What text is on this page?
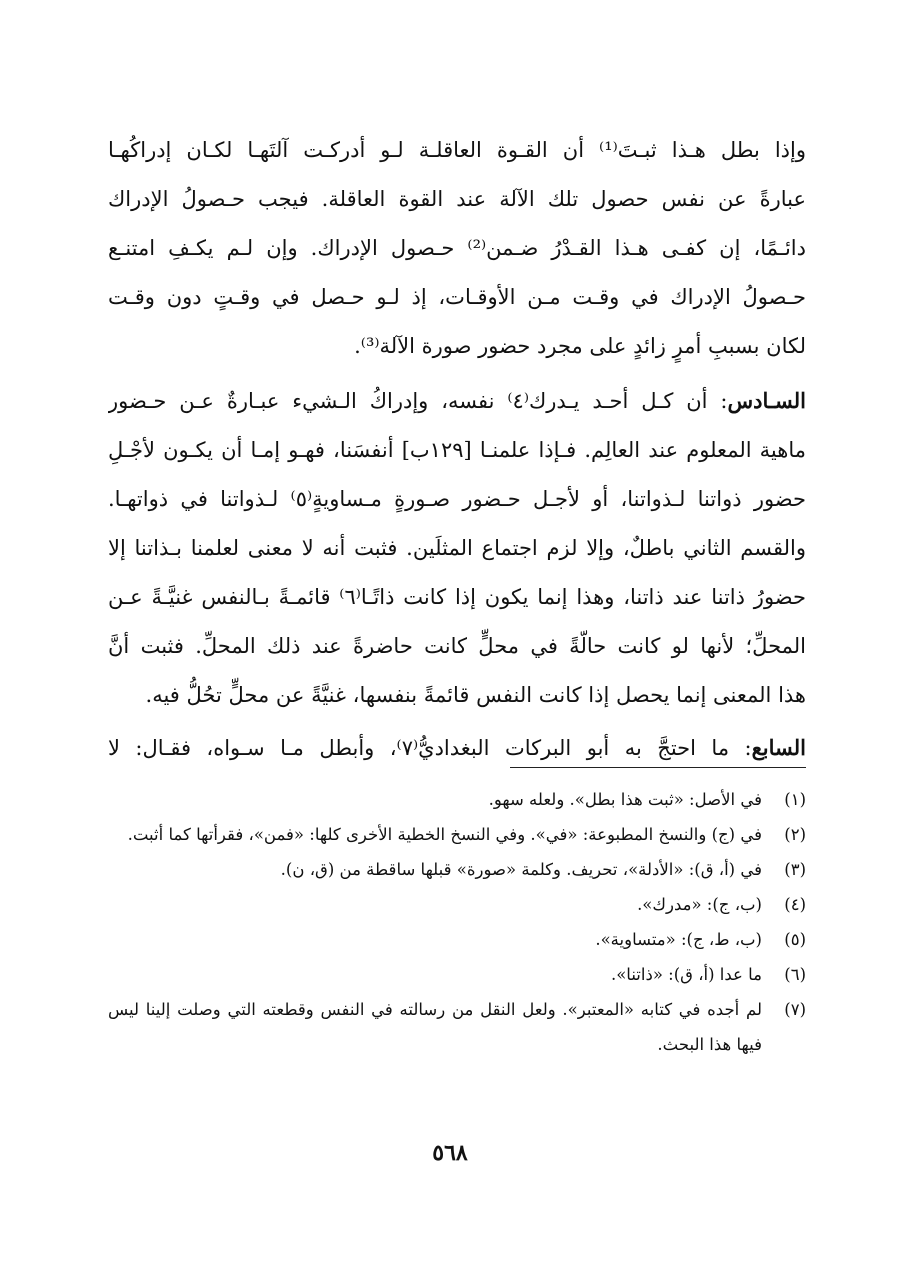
وإذا بطل هـذا ثبـتَ⁽¹⁾ أن القـوة العاقلـة لـو أدركـت آلتَهـا لكـان إدراكُهـا
عبارةً عن نفس حصول تلك الآلة عند القوة العاقلة. فيجب حـصولُ الإدراك
دائـمًا، إن كفـى هـذا القـدْرُ ضـمن⁽²⁾ حـصول الإدراك. وإن لـم يكـفِ امتنـع
حـصولُ الإدراك في وقـت مـن الأوقـات، إذ لـو حـصل في وقـتٍ دون وقـت
لكان بسببِ أمرٍ زائدٍ على مجرد حضور صورة الآلة⁽³⁾.
السـادس: أن كـل أحـد يـدرك⁽٤⁾ نفسه، وإدراكُ الـشيء عبـارةٌ عـن حـضور
ماهية المعلوم عند العالِم. فـإذا علمنـا [١٢٩ب] أنفسَنا، فهـو إمـا أن يكـون لأجْـلِ
حضور ذواتنا لـذواتنا، أو لأجـل حـضور صـورةٍ مـساويةٍ⁽٥⁾ لـذواتنا في ذواتهـا.
والقسم الثاني باطلٌ، وإلا لزم اجتماع المثلَين. فثبت أنه لا معنى لعلمنا بـذاتنا إلا
حضورُ ذاتنا عند ذاتنا، وهذا إنما يكون إذا كانت ذاتًـا⁽٦⁾ قائمـةً بـالنفس غنيَّـةً عـن
المحلِّ؛ لأنها لو كانت حالّةً في محلٍّ كانت حاضرةً عند ذلك المحلِّ. فثبت أنَّ
هذا المعنى إنما يحصل إذا كانت النفس قائمةً بنفسها، غنيَّةً عن محلٍّ تحُلُّ فيه.
السابع: ما احتجَّ به أبو البركات البغداديُّ⁽٧⁾، وأبطل مـا سـواه، فقـال: لا
(١)
في الأصل: «ثبت هذا بطل». ولعله سهو.
(٢)
في (ج) والنسخ المطبوعة: «في». وفي النسخ الخطية الأخرى كلها: «فمن»، فقرأتها كما أثبت.
(٣)
في (أ، ق): «الأدلة»، تحريف. وكلمة «صورة» قبلها ساقطة من (ق، ن).
(٤)
(ب، ج): «مدرك».
(٥)
(ب، ط، ج): «متساوية».
(٦)
ما عدا (أ، ق): «ذاتنا».
(٧)
لم أجده في كتابه «المعتبر». ولعل النقل من رسالته في النفس وقطعته التي وصلت إلينا ليس فيها هذا البحث.
٥٦٨
